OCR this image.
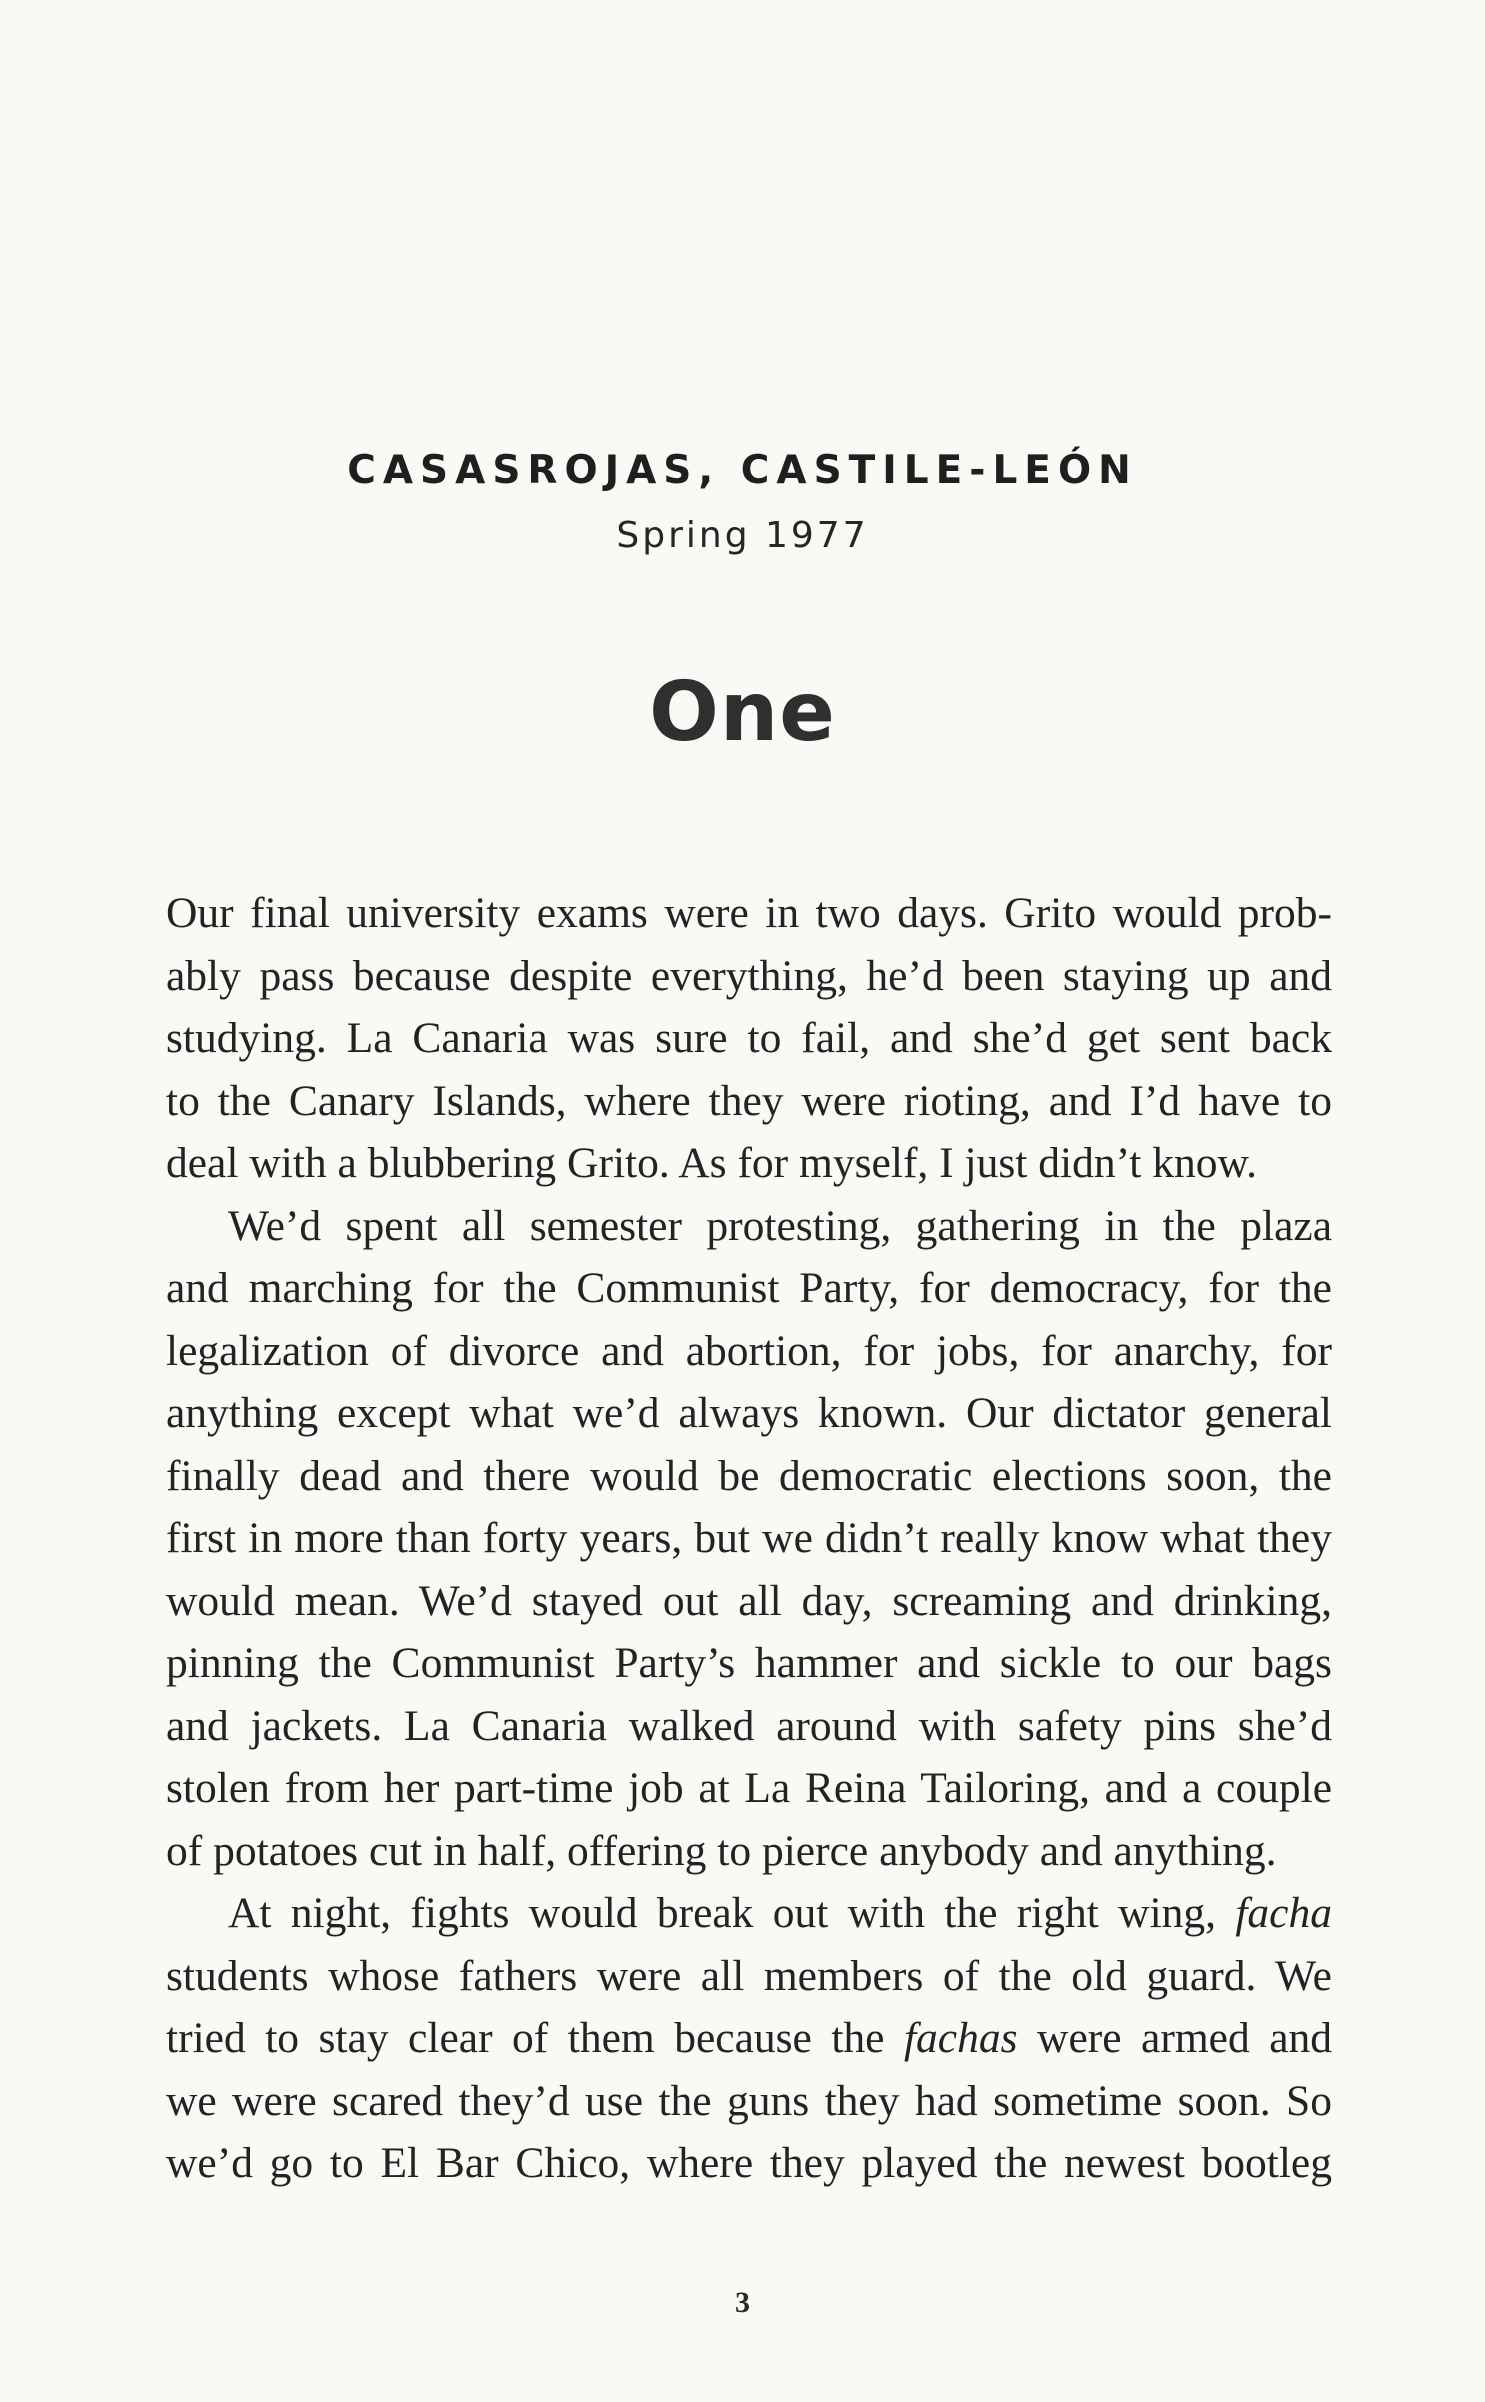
CASASROJAS, CASTILE-LEÓN
Spring 1977
One

Our final university exams were in two days. Grito would prob-
ably pass because despite everything, he’d been staying up and
studying. La Canaria was sure to fail, and she’d get sent back
to the Canary Islands, where they were rioting, and I’d have to
deal with a blubbering Grito. As for myself, I just didn’t know.

We’d spent all semester protesting, gathering in the plaza
and marching for the Communist Party, for democracy, for the
legalization of divorce and abortion, for jobs, for anarchy, for
anything except what we’d always known. Our dictator general
finally dead and there would be democratic elections soon, the
first in more than forty years, but we didn’t really know what they
would mean. We’d stayed out all day, screaming and drinking,
pinning the Communist Party’s hammer and sickle to our bags
and jackets. La Canaria walked around with safety pins she’d
stolen from her part-time job at La Reina Tailoring, and a couple
of potatoes cut in half, offering to pierce anybody and anything.

At night, fights would break out with the right wing, facha
students whose fathers were all members of the old guard. We
tried to stay clear of them because the fachas were armed and
we were scared they’d use the guns they had sometime soon. So
we’d go to El Bar Chico, where they played the newest bootleg

3
